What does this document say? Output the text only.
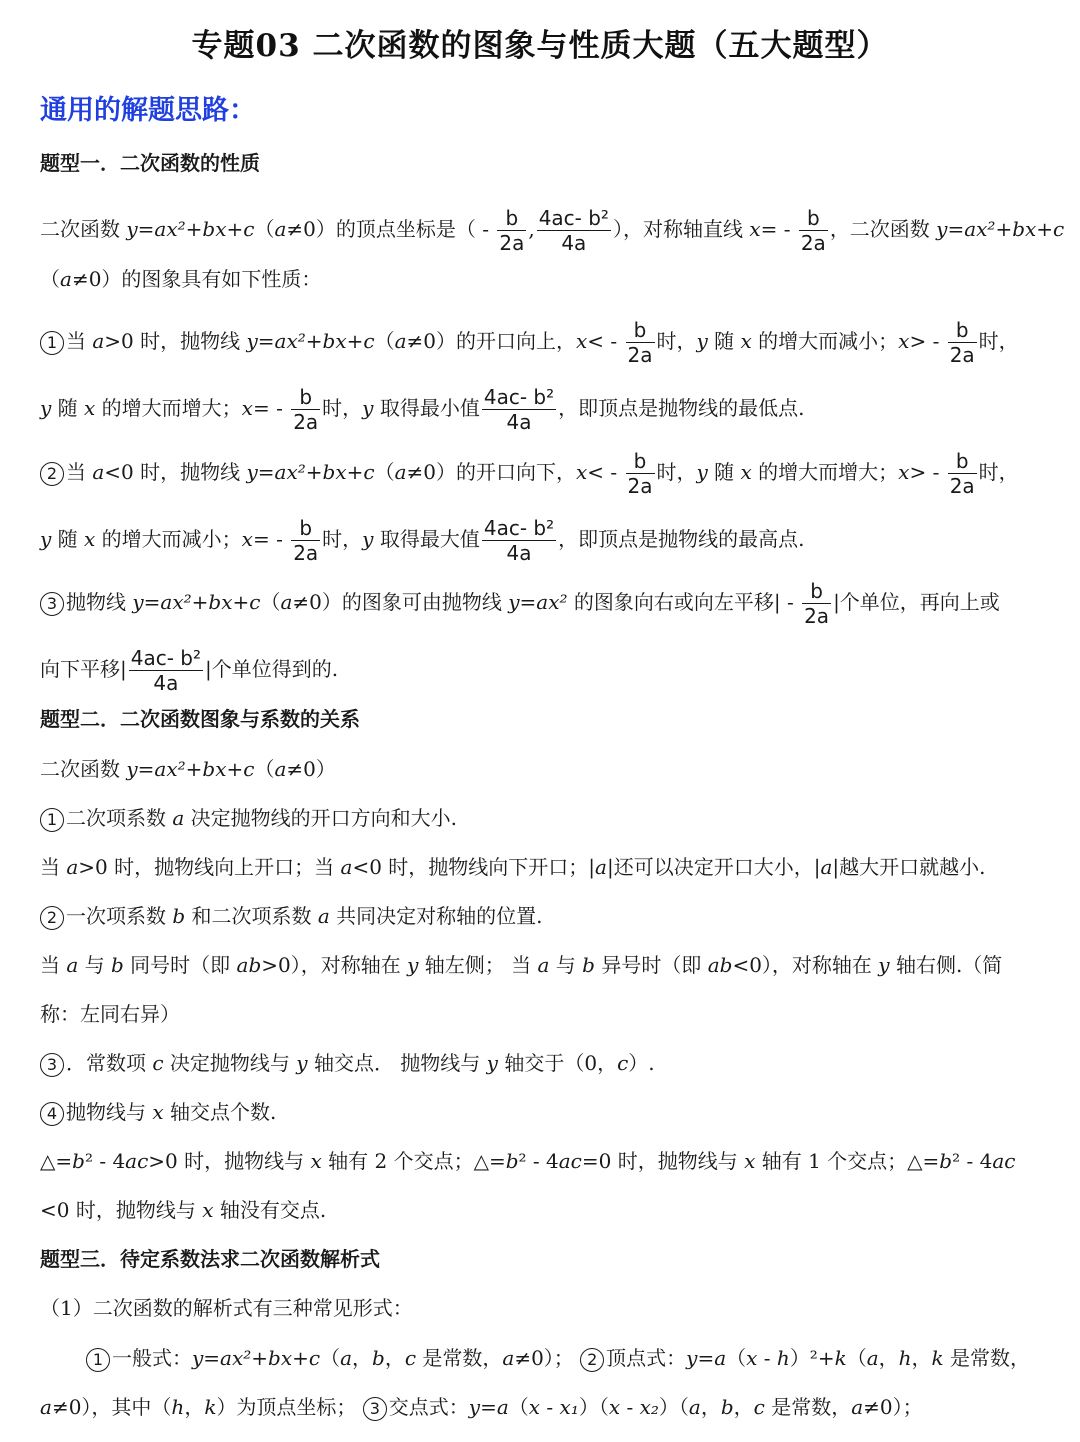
专题03 二次函数的图象与性质大题（五大题型）
通用的解题思路：
题型一．二次函数的性质
二次函数 y=ax²+bx+c（a≠0）的顶点坐标是（ - $\frac{b}{2a}$ , $\frac{\text{4ac- b²}}{4a}$ ），对称轴直线 $x= - \frac{b}{2a}$ ，二次函数 y=ax²+bx+c
（a≠0）的图象具有如下性质：
1 当 a>0 时，抛物线 y=ax²+bx+c（a≠0）的开口向上，$x< - \frac{b}{2a}$ 时，y 随 x 的增大而减小；$x> - \frac{b}{2a}$ 时，
y 随 x 的增大而增大；$x= - \frac{b}{2a}$ 时，y 取得最小值 $\frac{\text{4ac- b²}}{4a}$ ，即顶点是抛物线的最低点.
2 当 a<0 时，抛物线 y=ax²+bx+c（a≠0）的开口向下，$x< - \frac{b}{2a}$ 时，y 随 x 的增大而增大；$x> - \frac{b}{2a}$ 时，
y 随 x 的增大而减小；$x= - \frac{b}{2a}$ 时，y 取得最大值 $\frac{\text{4ac- b²}}{4a}$ ，即顶点是抛物线的最高点.
3 抛物线 y=ax²+bx+c（a≠0）的图象可由抛物线 y=ax² 的图象向右或向左平移| - $\frac{b}{2a}$ |个单位，再向上或
向下平移| $\frac{\text{4ac- b²}}{4a}$ |个单位得到的.
题型二．二次函数图象与系数的关系
二次函数 y=ax²+bx+c（a≠0）
1 二次项系数 a 决定抛物线的开口方向和大小.
当 a>0 时，抛物线向上开口；当 a<0 时，抛物线向下开口；|a|还可以决定开口大小，|a|越大开口就越小.
2 一次项系数 b 和二次项系数 a 共同决定对称轴的位置.
当 a 与 b 同号时（即 ab>0），对称轴在 y 轴左侧； 当 a 与 b 异号时（即 ab<0），对称轴在 y 轴右侧.（简
称：左同右异）
3 ．常数项 c 决定抛物线与 y 轴交点． 抛物线与 y 轴交于（0，c）.
4 抛物线与 x 轴交点个数.
△=b² - 4ac>0 时，抛物线与 x 轴有 2 个交点；△=b² - 4ac=0 时，抛物线与 x 轴有 1 个交点；△=b² - 4ac
<0 时，抛物线与 x 轴没有交点.
题型三．待定系数法求二次函数解析式
（1）二次函数的解析式有三种常见形式：
1 一般式：y=ax²+bx+c（a，b，c 是常数，a≠0）； 2 顶点式：y=a（x - h）²+k（a，h，k 是常数，
a≠0），其中（h，k）为顶点坐标； 3 交点式：y=a（x - x₁）（x - x₂）（a，b，c 是常数，a≠0）；
